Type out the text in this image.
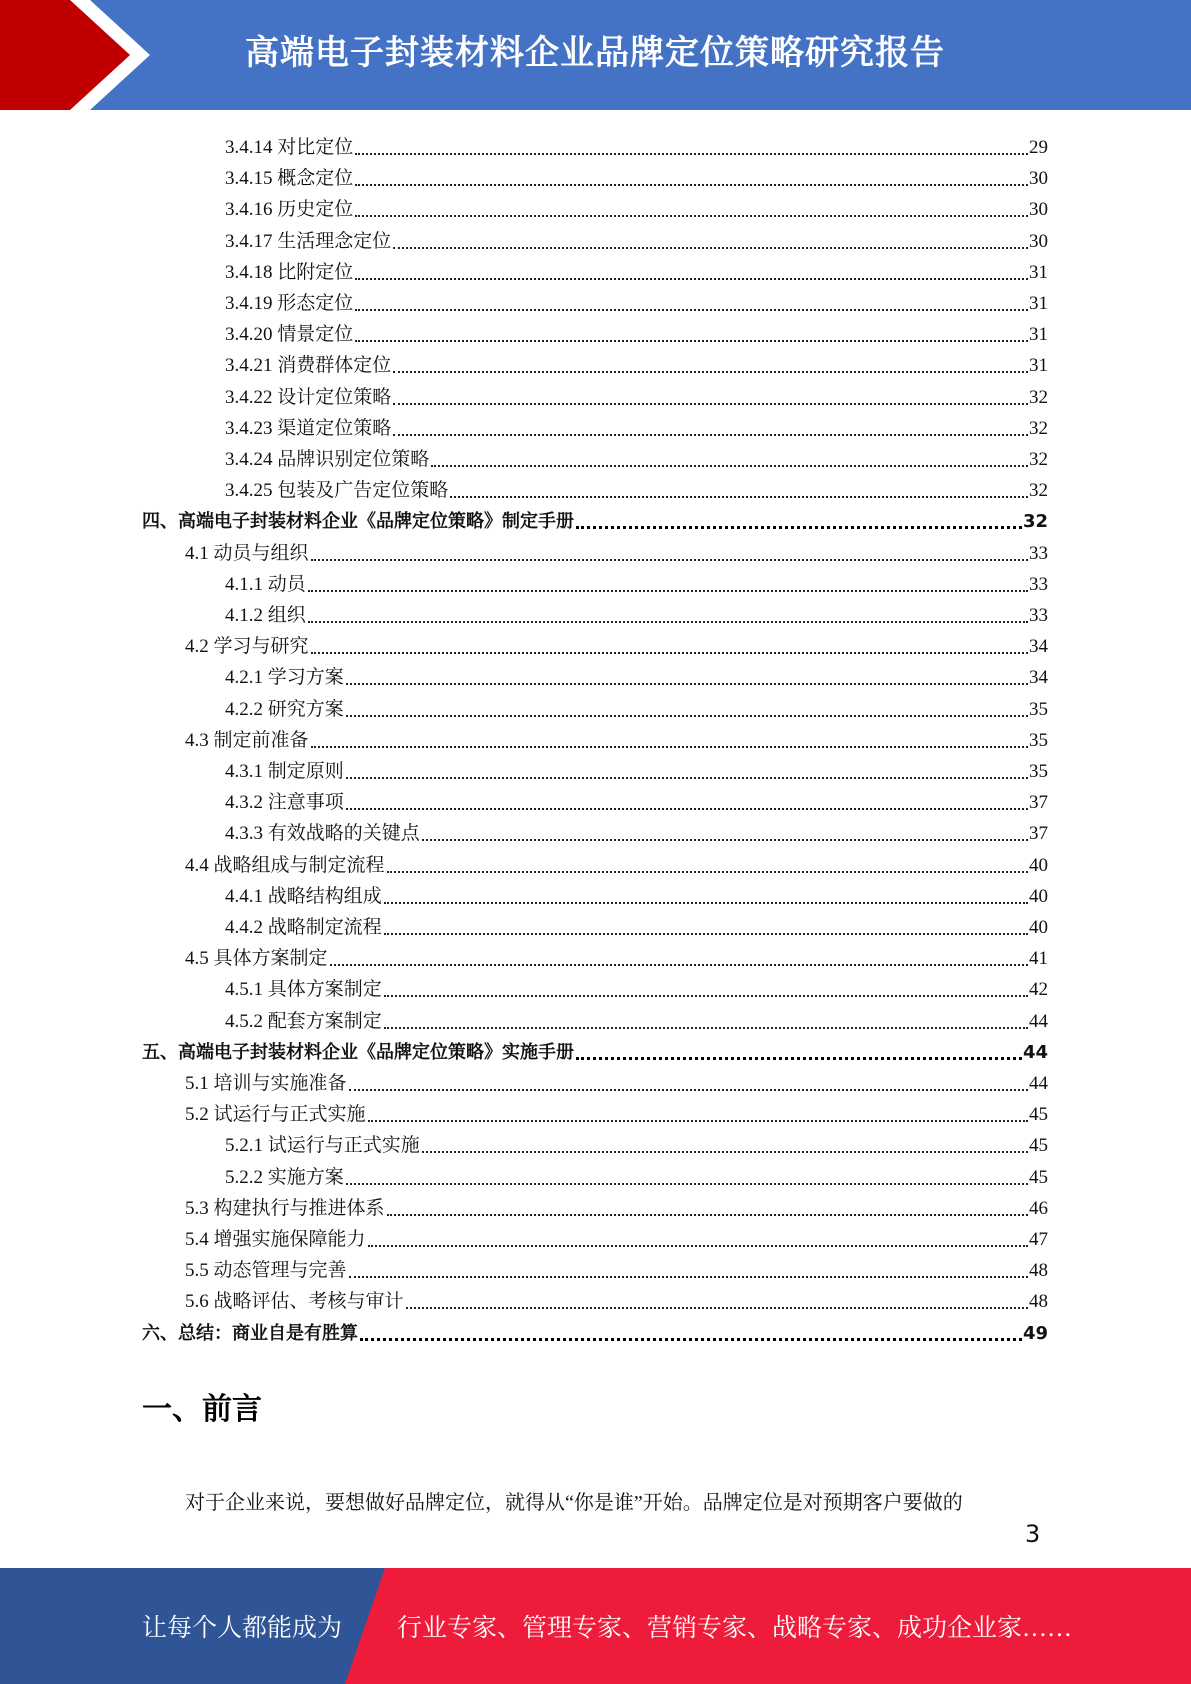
高端电子封装材料企业品牌定位策略研究报告
3.4.14 对比定位	29
3.4.15 概念定位	30
3.4.16 历史定位	30
3.4.17 生活理念定位	30
3.4.18 比附定位	31
3.4.19 形态定位	31
3.4.20 情景定位	31
3.4.21 消费群体定位	31
3.4.22 设计定位策略	32
3.4.23 渠道定位策略	32
3.4.24 品牌识别定位策略	32
3.4.25 包装及广告定位策略	32
四、高端电子封装材料企业《品牌定位策略》制定手册	32
4.1 动员与组织	33
4.1.1 动员	33
4.1.2 组织	33
4.2 学习与研究	34
4.2.1 学习方案	34
4.2.2 研究方案	35
4.3 制定前准备	35
4.3.1 制定原则	35
4.3.2 注意事项	37
4.3.3 有效战略的关键点	37
4.4 战略组成与制定流程	40
4.4.1 战略结构组成	40
4.4.2 战略制定流程	40
4.5 具体方案制定	41
4.5.1 具体方案制定	42
4.5.2 配套方案制定	44
五、高端电子封装材料企业《品牌定位策略》实施手册	44
5.1 培训与实施准备	44
5.2 试运行与正式实施	45
5.2.1 试运行与正式实施	45
5.2.2 实施方案	45
5.3 构建执行与推进体系	46
5.4 增强实施保障能力	47
5.5 动态管理与完善	48
5.6 战略评估、考核与审计	48
六、总结：商业自是有胜算	49
一、前言
对于企业来说，要想做好品牌定位，就得从“你是谁”开始。品牌定位是对预期客户要做的
3
让每个人都能成为 行业专家、管理专家、营销专家、战略专家、成功企业家……
